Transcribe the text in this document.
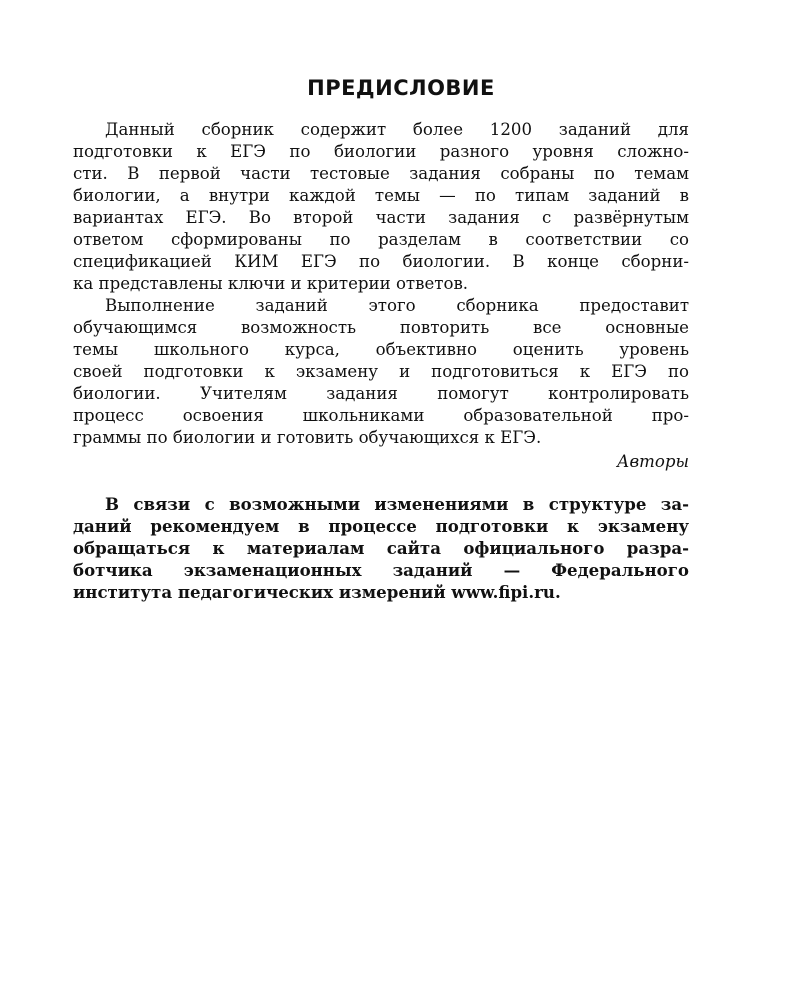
ПРЕДИСЛОВИЕ
Данный сборник содержит более 1200 заданий для
подготовки к ЕГЭ по биологии разного уровня сложно-
сти. В первой части тестовые задания собраны по темам
биологии, а внутри каждой темы — по типам заданий в
вариантах ЕГЭ. Во второй части задания с развёрнутым
ответом сформированы по разделам в соответствии со
спецификацией КИМ ЕГЭ по биологии. В конце сборни-
ка представлены ключи и критерии ответов.
Выполнение заданий этого сборника предоставит
обучающимся возможность повторить все основные
темы школьного курса, объективно оценить уровень
своей подготовки к экзамену и подготовиться к ЕГЭ по
биологии. Учителям задания помогут контролировать
процесс освоения школьниками образовательной про-
граммы по биологии и готовить обучающихся к ЕГЭ.
Авторы
В связи с возможными изменениями в структуре за-
даний рекомендуем в процессе подготовки к экзамену
обращаться к материалам сайта официального разра-
ботчика экзаменационных заданий — Федерального
института педагогических измерений www.fipi.ru.
